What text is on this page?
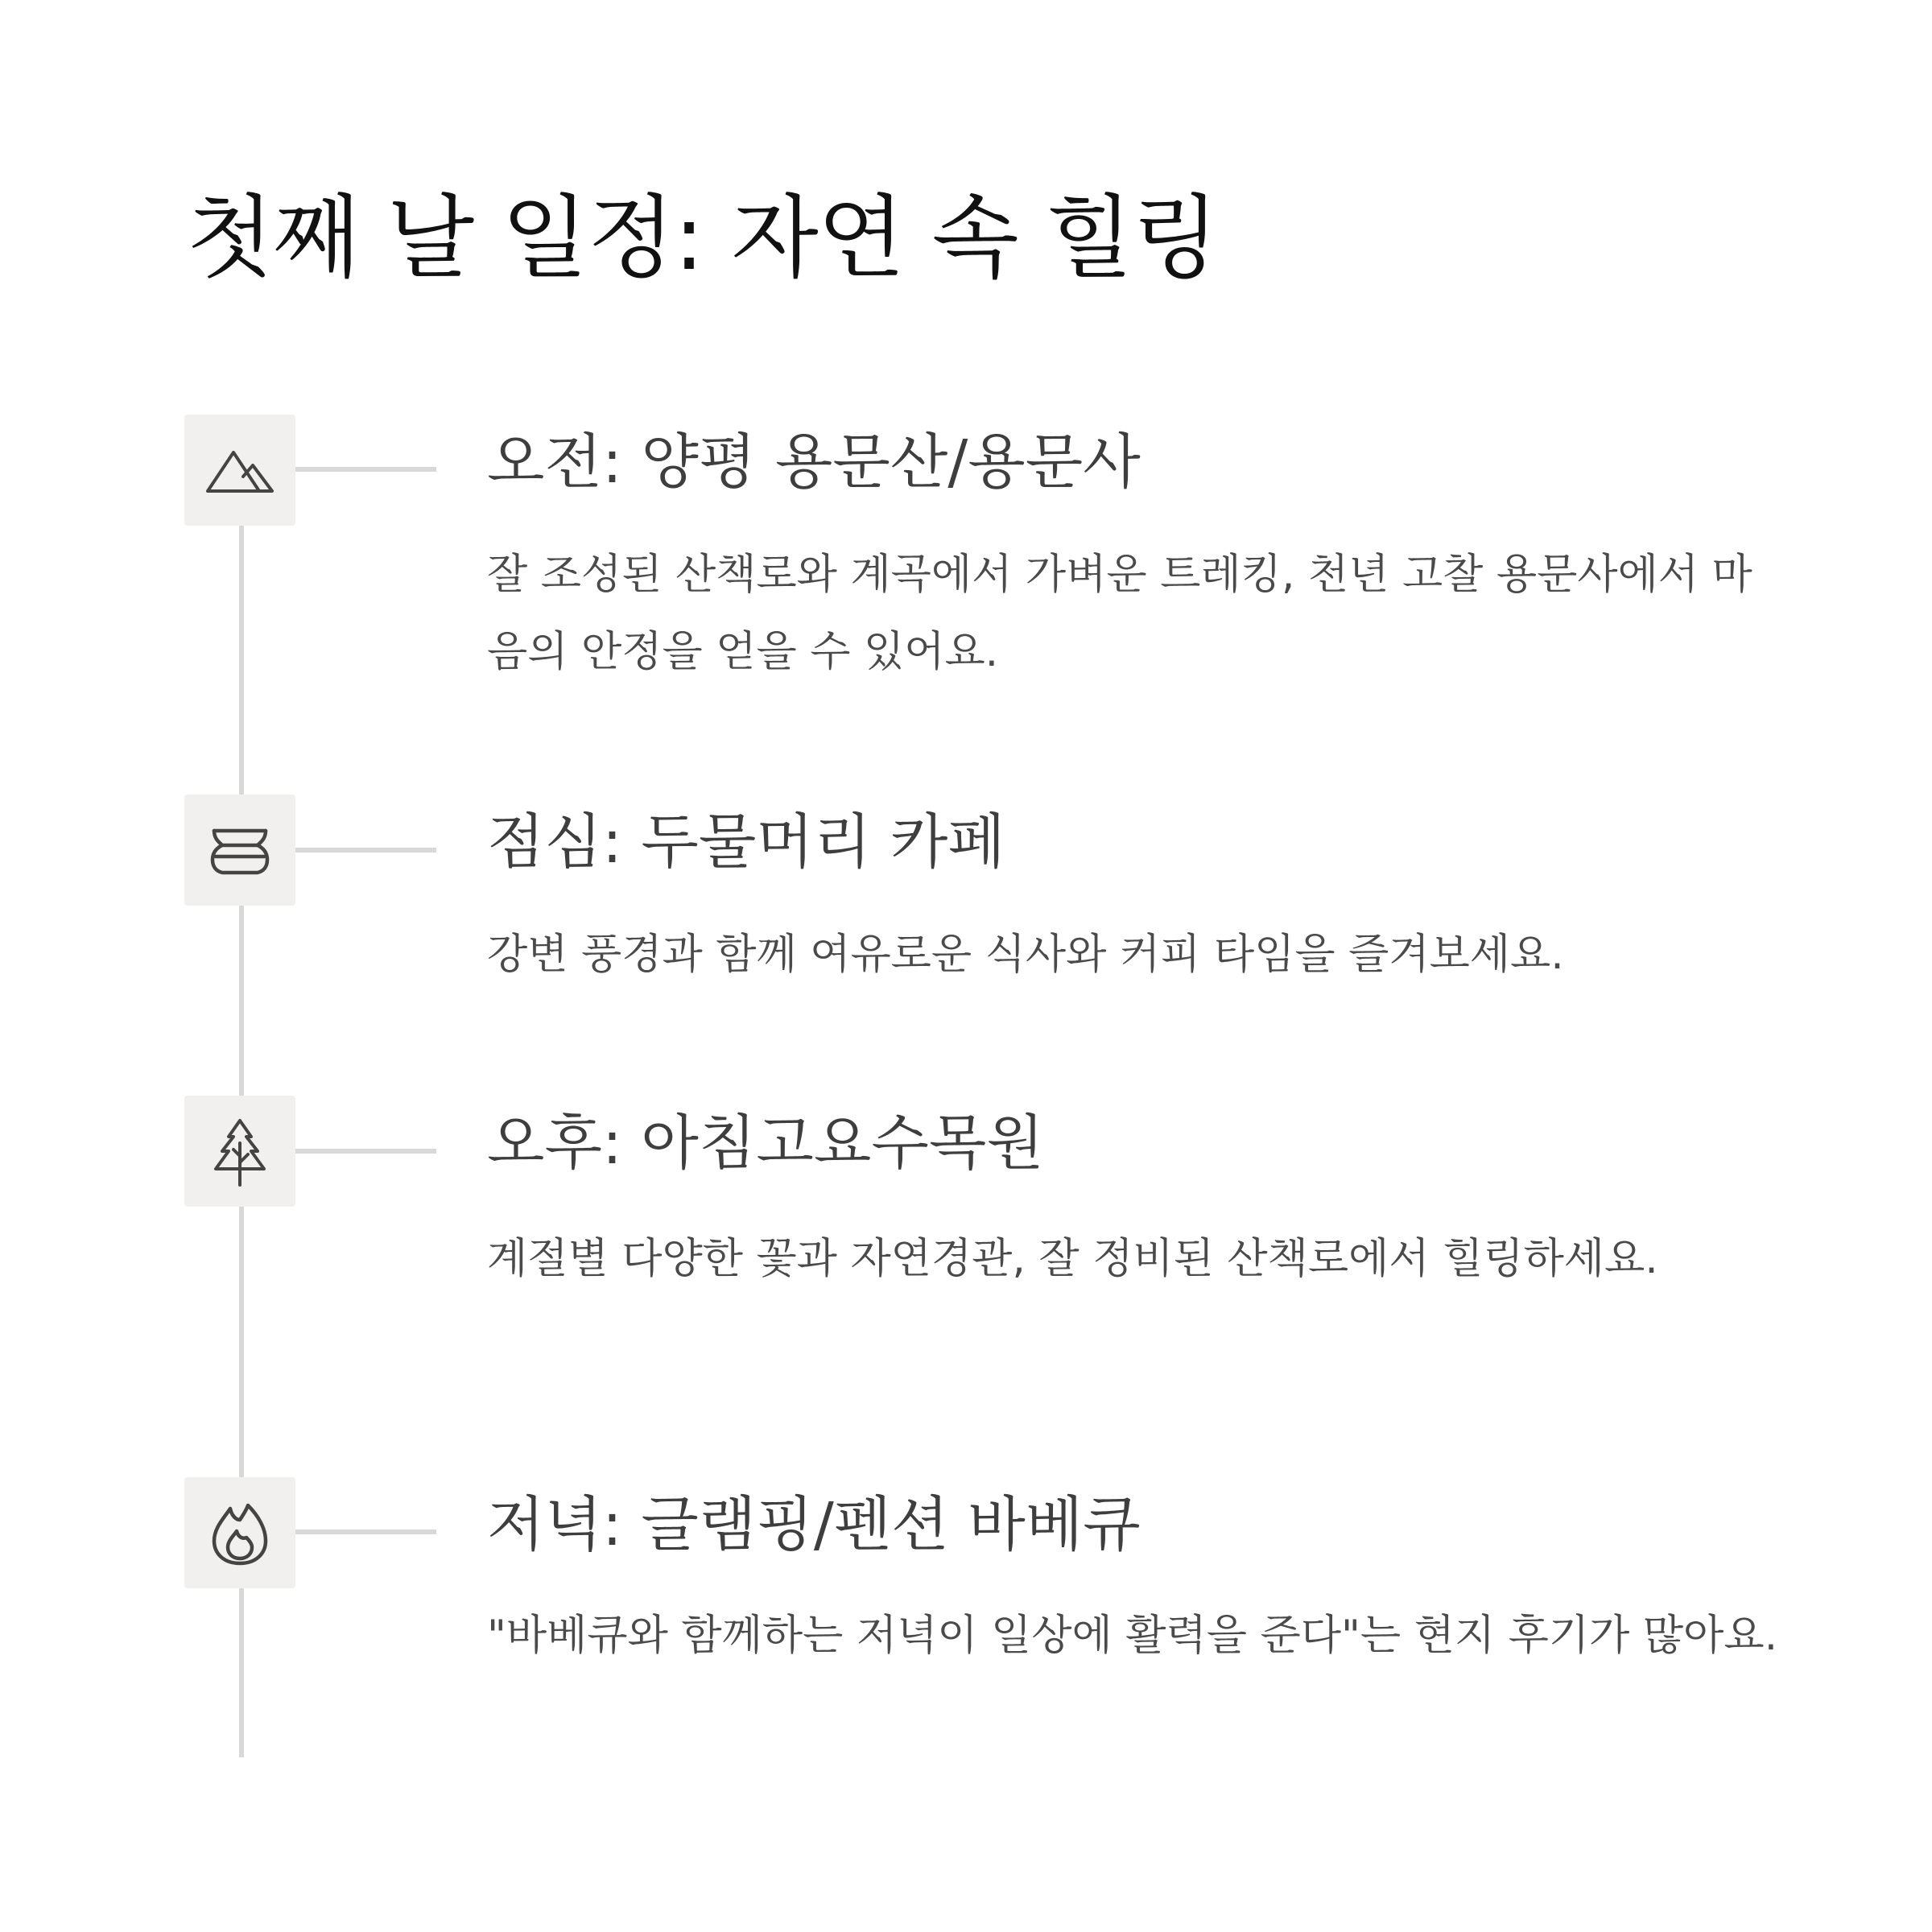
첫째 날 일정: 자연 속 힐링
오전: 양평 용문산/용문사

잘 조성된 산책로와 계곡에서 가벼운 트레킹, 천년 고찰 용문사에서 마음의 안정을 얻을 수 있어요.

점심: 두물머리 카페

강변 풍경과 함께 여유로운 식사와 커피 타임을 즐겨보세요.

오후: 아침고요수목원

계절별 다양한 꽃과 자연경관, 잘 정비된 산책로에서 힐링하세요.

저녁: 글램핑/펜션 바베큐

"바베큐와 함께하는 저녁이 일상에 활력을 준다"는 현지 후기가 많아요.
